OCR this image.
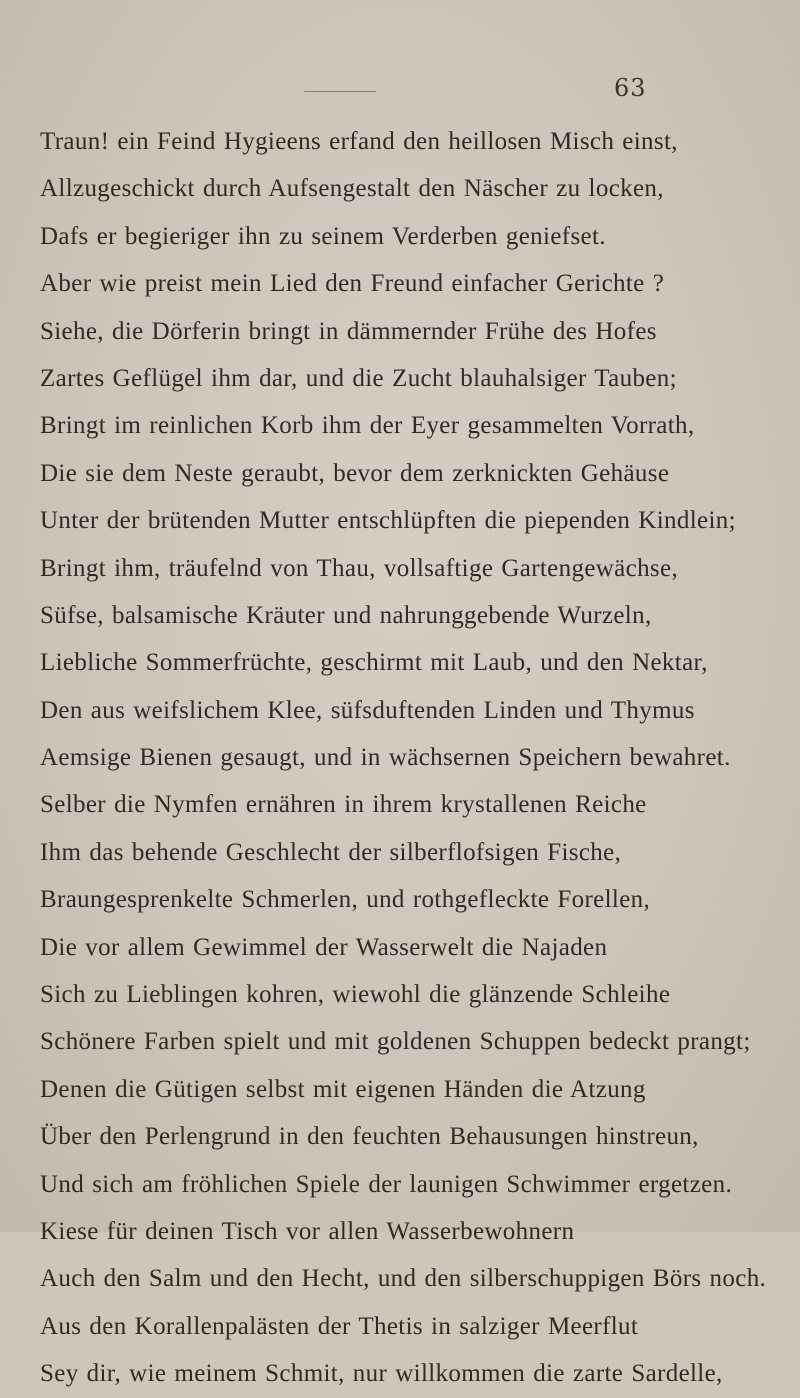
63
Traun! ein Feind Hygieens erfand den heillosen Misch einst,
Allzugeschickt durch Aufsengestalt den Näscher zu locken,
Dafs er begieriger ihn zu seinem Verderben geniefset.
Aber wie preist mein Lied den Freund einfacher Gerichte ?
Siehe, die Dörferin bringt in dämmernder Frühe des Hofes
Zartes Geflügel ihm dar, und die Zucht blauhalsiger Tauben;
Bringt im reinlichen Korb ihm der Eyer gesammelten Vorrath,
Die sie dem Neste geraubt, bevor dem zerknickten Gehäuse
Unter der brütenden Mutter entschlüpften die piependen Kindlein;
Bringt ihm, träufelnd von Thau, vollsaftige Gartengewächse,
Süfse, balsamische Kräuter und nahrunggebende Wurzeln,
Liebliche Sommerfrüchte, geschirmt mit Laub, und den Nektar,
Den aus weifslichem Klee, süfsduftenden Linden und Thymus
Aemsige Bienen gesaugt, und in wächsernen Speichern bewahret.
Selber die Nymfen ernähren in ihrem krystallenen Reiche
Ihm das behende Geschlecht der silberflofsigen Fische,
Braungesprenkelte Schmerlen, und rothgefleckte Forellen,
Die vor allem Gewimmel der Wasserwelt die Najaden
Sich zu Lieblingen kohren, wiewohl die glänzende Schleihe
Schönere Farben spielt und mit goldenen Schuppen bedeckt prangt;
Denen die Gütigen selbst mit eigenen Händen die Atzung
Über den Perlengrund in den feuchten Behausungen hinstreun,
Und sich am fröhlichen Spiele der launigen Schwimmer ergetzen.
Kiese für deinen Tisch vor allen Wasserbewohnern
Auch den Salm und den Hecht, und den silberschuppigen Börs noch.
Aus den Korallenpalästen der Thetis in salziger Meerflut
Sey dir, wie meinem Schmit, nur willkommen die zarte Sardelle,
